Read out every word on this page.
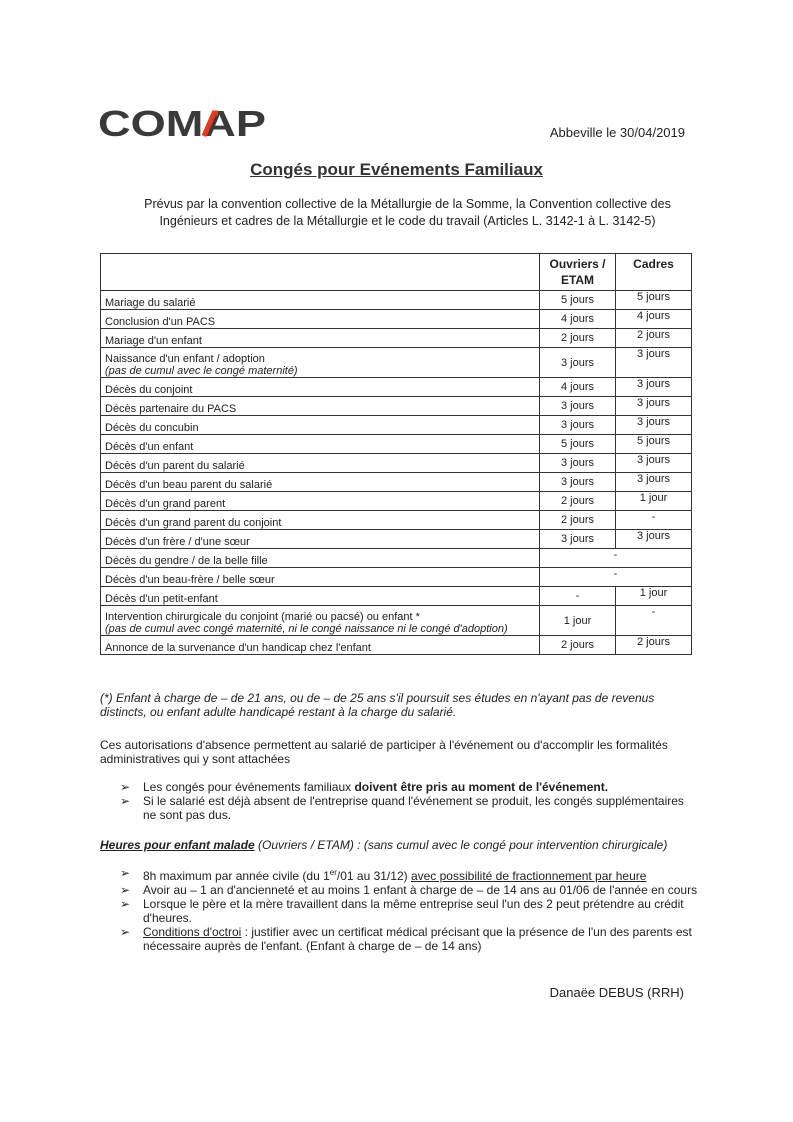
COMAP	Abbeville le 30/04/2019
Congés pour Evénements Familiaux
Prévus par la convention collective de la Métallurgie de la Somme, la Convention collective des Ingénieurs et cadres de la Métallurgie et le code du travail (Articles L. 3142-1 à L. 3142-5)
	Ouvriers / ETAM	Cadres
Mariage du salarié	5 jours	5 jours
Conclusion d'un PACS	4 jours	4 jours
Mariage d'un enfant	2 jours	2 jours
Naissance d'un enfant / adoption
(pas de cumul avec le congé maternité)	3 jours	3 jours
Décès du conjoint	4 jours	3 jours
Décès partenaire du PACS	3 jours	3 jours
Décès du concubin	3 jours	3 jours
Décès d'un enfant	5 jours	5 jours
Décès d'un parent du salarié	3 jours	3 jours
Décès d'un beau parent du salarié	3 jours	3 jours
Décès d'un grand parent	2 jours	1 jour
Décès d'un grand parent du conjoint	2 jours	-
Décès d'un frère / d'une sœur	3 jours	3 jours
Décès du gendre / de la belle fille	-	
Décès d'un beau-frère / belle sœur	-	
Décès d'un petit-enfant	-	1 jour
Intervention chirurgicale du conjoint (marié ou pacsé) ou enfant *
(pas de cumul avec congé maternité, ni le congé naissance ni le congé d'adoption)	1 jour	-
Annonce de la survenance d'un handicap chez l'enfant	2 jours	2 jours
(*) Enfant à charge de – de 21 ans, ou de – de 25 ans s'il poursuit ses études en n'ayant pas de revenus distincts, ou enfant adulte handicapé restant à la charge du salarié.
Ces autorisations d'absence permettent au salarié de participer à l'événement ou d'accomplir les formalités administratives qui y sont attachées
➢ Les congés pour événements familiaux doivent être pris au moment de l'événement.
➢ Si le salarié est déjà absent de l'entreprise quand l'événement se produit, les congés supplémentaires ne sont pas dus.
Heures pour enfant malade (Ouvriers / ETAM) : (sans cumul avec le congé pour intervention chirurgicale)
➢ 8h maximum par année civile (du 1er/01 au 31/12) avec possibilité de fractionnement par heure
➢ Avoir au – 1 an d'ancienneté et au moins 1 enfant à charge de – de 14 ans au 01/06 de l'année en cours
➢ Lorsque le père et la mère travaillent dans la même entreprise seul l'un des 2 peut prétendre au crédit d'heures.
➢ Conditions d'octroi : justifier avec un certificat médical précisant que la présence de l'un des parents est nécessaire auprès de l'enfant. (Enfant à charge de – de 14 ans)
Danaëe DEBUS (RRH)
